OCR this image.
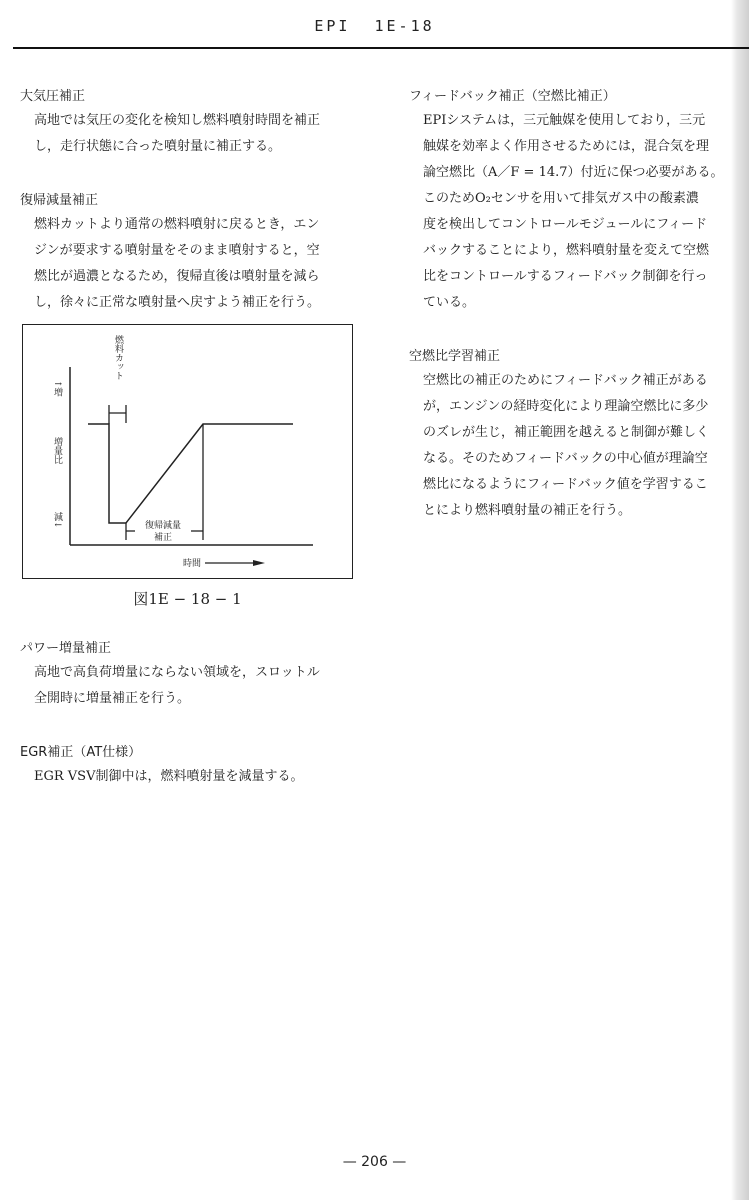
EPI  1E-18
大気圧補正
高地では気圧の変化を検知し燃料噴射時間を補正
し，走行状態に合った噴射量に補正する。
復帰減量補正
燃料カットより通常の燃料噴射に戻るとき，エン
ジンが要求する噴射量をそのまま噴射すると，空
燃比が過濃となるため，復帰直後は噴射量を減ら
し，徐々に正常な噴射量へ戻すよう補正を行う。
燃料カット
↑増
増量比
減↓	復帰減量
補正
時間
図1E − 18 − 1
パワー増量補正
高地で高負荷増量にならない領域を，スロットル
全開時に増量補正を行う。
EGR補正（AT仕様）
EGR VSV制御中は，燃料噴射量を減量する。
フィードバック補正（空燃比補正）
EPIシステムは，三元触媒を使用しており，三元
触媒を効率よく作用させるためには，混合気を理
論空燃比（A／F = 14.7）付近に保つ必要がある。
このためO₂センサを用いて排気ガス中の酸素濃
度を検出してコントロールモジュールにフィード
バックすることにより，燃料噴射量を変えて空燃
比をコントロールするフィードバック制御を行っ
ている。
空燃比学習補正
空燃比の補正のためにフィードバック補正がある
が，エンジンの経時変化により理論空燃比に多少
のズレが生じ，補正範囲を越えると制御が難しく
なる。そのためフィードバックの中心値が理論空
燃比になるようにフィードバック値を学習するこ
とにより燃料噴射量の補正を行う。
— 206 —
